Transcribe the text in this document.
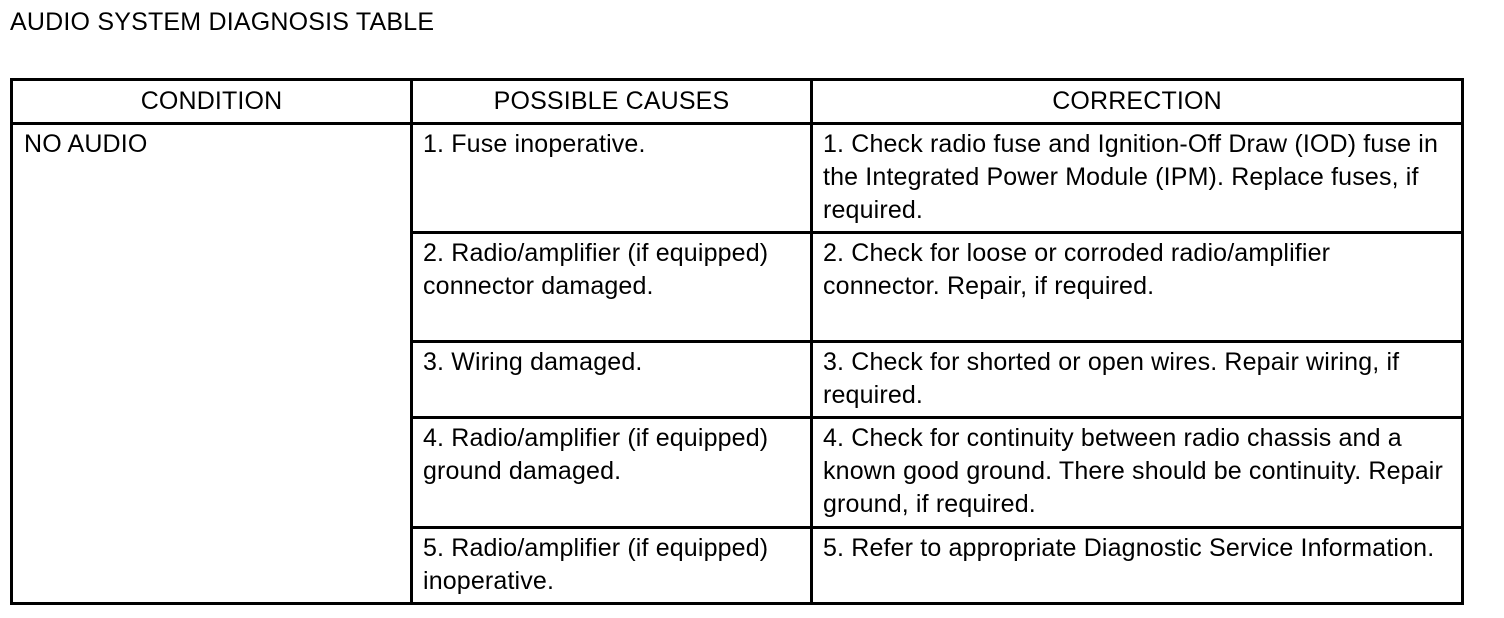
AUDIO SYSTEM DIAGNOSIS TABLE
CONDITION	POSSIBLE CAUSES	CORRECTION

NO AUDIO	1. Fuse inoperative.	1. Check radio fuse and Ignition-Off Draw (IOD) fuse in the Integrated Power Module (IPM). Replace fuses, if required.

	2. Radio/amplifier (if equipped) connector damaged.	2. Check for loose or corroded radio/amplifier connector. Repair, if required.

	3. Wiring damaged.	3. Check for shorted or open wires. Repair wiring, if required.

	4. Radio/amplifier (if equipped) ground damaged.	4. Check for continuity between radio chassis and a known good ground. There should be continuity. Repair ground, if required.

	5. Radio/amplifier (if equipped) inoperative.	5. Refer to appropriate Diagnostic Service Information.
